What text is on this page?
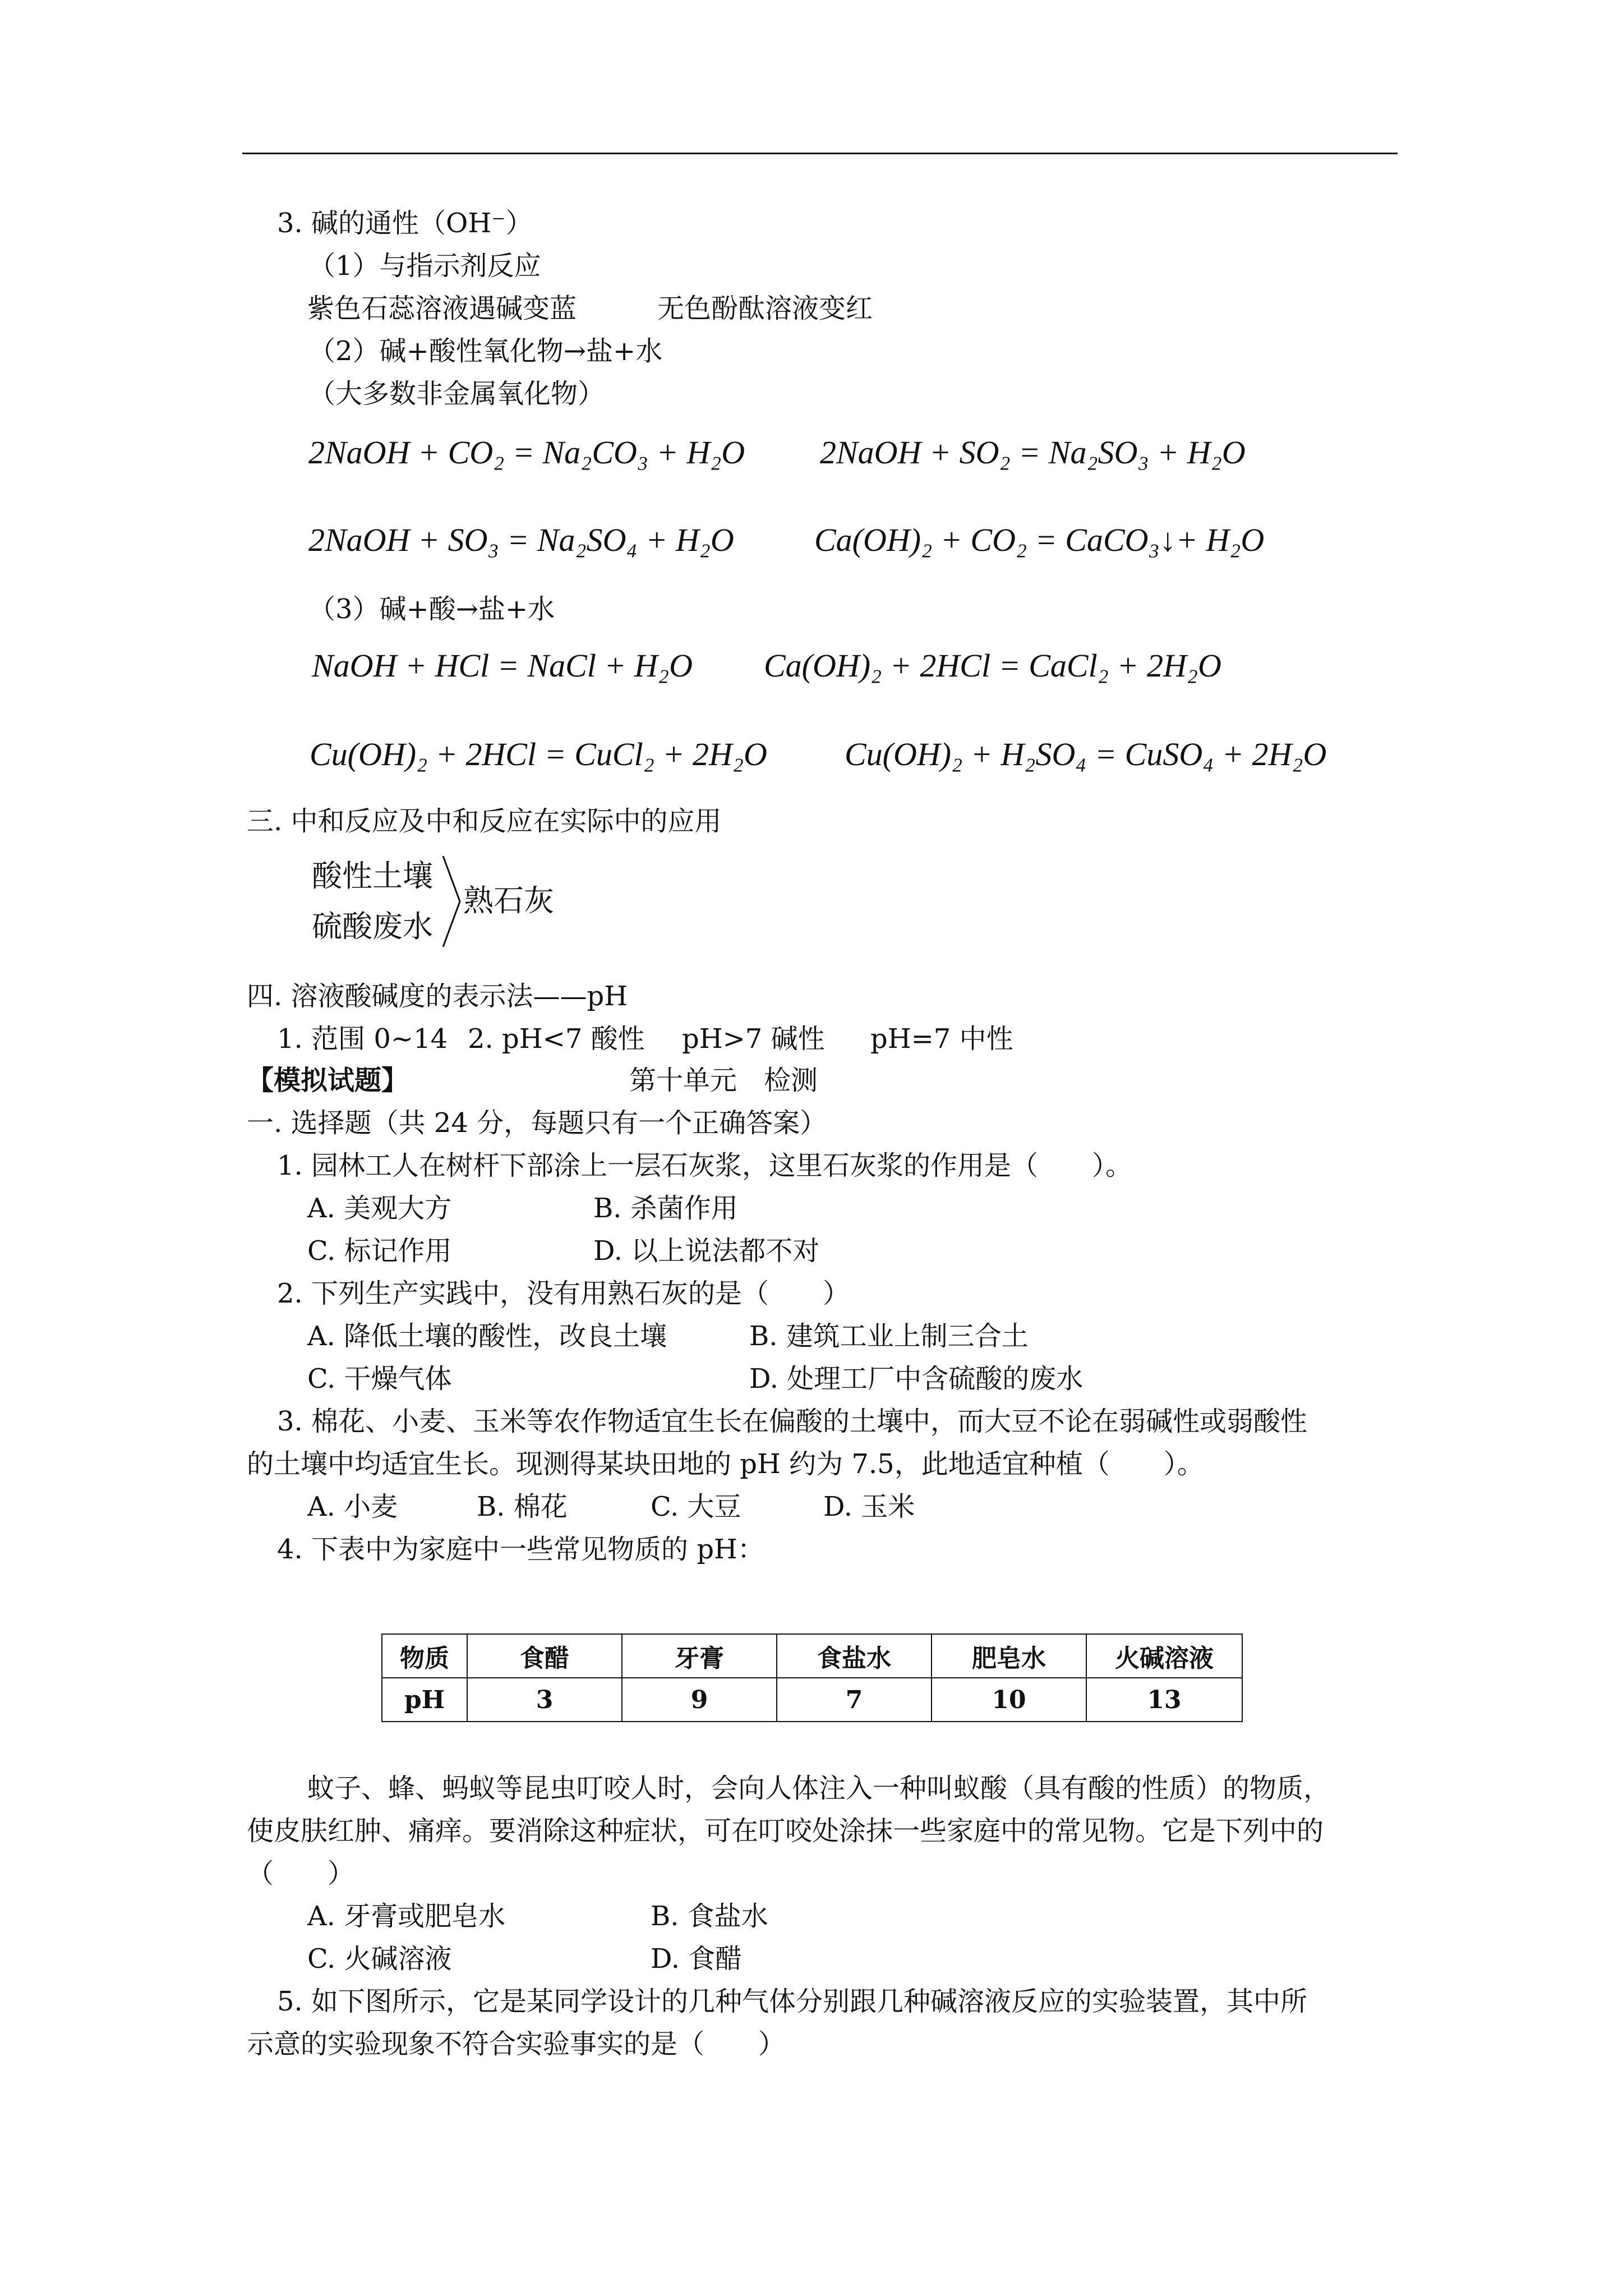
3. 碱的通性（OH⁻）
（1）与指示剂反应
紫色石蕊溶液遇碱变蓝	无色酚酞溶液变红
（2）碱+酸性氧化物→盐+水
（大多数非金属氧化物）
2NaOH + CO₂ = Na₂CO₃ + H₂O 2NaOH + SO₂ = Na₂SO₃ + H₂O
2NaOH + SO₃ = Na₂SO₄ + H₂O Ca(OH)₂ + CO₂ = CaCO₃↓+ H₂O
（3）碱+酸→盐+水
NaOH + HCl = NaCl + H₂O Ca(OH)₂ + 2HCl = CaCl₂ + 2H₂O
Cu(OH)₂ + 2HCl = CuCl₂ + 2H₂O Cu(OH)₂ + H₂SO₄ = CuSO₄ + 2H₂O
三. 中和反应及中和反应在实际中的应用
酸性土壤
硫酸废水
熟石灰
四. 溶液酸碱度的表示法——pH
1. 范围 0~14 2. pH<7 酸性 pH>7 碱性 pH=7 中性
【模拟试题】	第十单元　检测
一. 选择题（共 24 分，每题只有一个正确答案）
1. 园林工人在树杆下部涂上一层石灰浆，这里石灰浆的作用是（　　）。
A. 美观大方	B. 杀菌作用
C. 标记作用	D. 以上说法都不对
2. 下列生产实践中，没有用熟石灰的是（　　）
A. 降低土壤的酸性，改良土壤	B. 建筑工业上制三合土
C. 干燥气体	D. 处理工厂中含硫酸的废水
3. 棉花、小麦、玉米等农作物适宜生长在偏酸的土壤中，而大豆不论在弱碱性或弱酸性
的土壤中均适宜生长。现测得某块田地的 pH 约为 7.5，此地适宜种植（　　）。
A. 小麦	B. 棉花	C. 大豆	D. 玉米
4. 下表中为家庭中一些常见物质的 pH：
物质	食醋	牙膏	食盐水	肥皂水	火碱溶液
pH	3	9	7	10	13
蚊子、蜂、蚂蚁等昆虫叮咬人时，会向人体注入一种叫蚁酸（具有酸的性质）的物质，
使皮肤红肿、痛痒。要消除这种症状，可在叮咬处涂抹一些家庭中的常见物。它是下列中的
（　　）
A. 牙膏或肥皂水	B. 食盐水
C. 火碱溶液	D. 食醋
5. 如下图所示，它是某同学设计的几种气体分别跟几种碱溶液反应的实验装置，其中所
示意的实验现象不符合实验事实的是（　　）
